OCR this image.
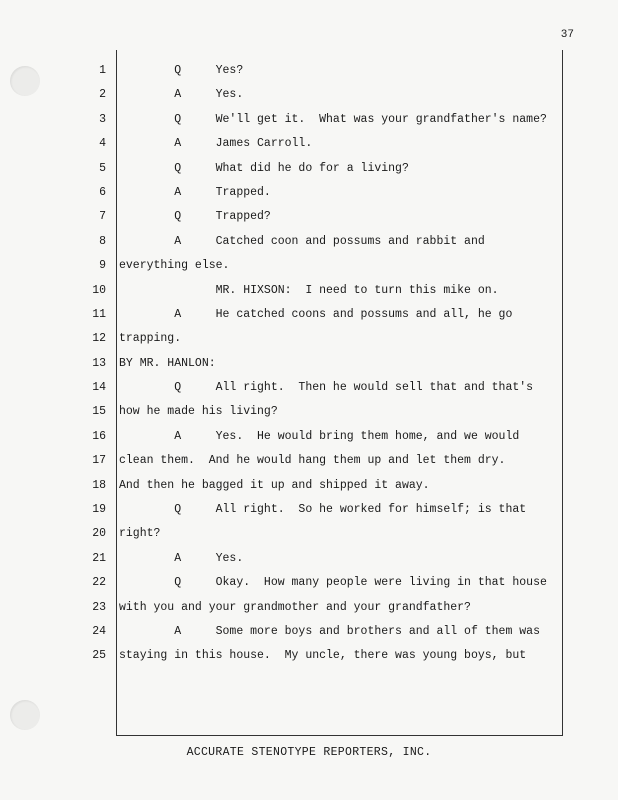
37
1 Q     Yes?
2 A     Yes.
3 Q     We'll get it.  What was your grandfather's name?
4 A     James Carroll.
5 Q     What did he do for a living?
6 A     Trapped.
7 Q     Trapped?
8 A     Catched coon and possums and rabbit and
9 everything else.
10 MR. HIXSON:  I need to turn this mike on.
11 A     He catched coons and possums and all, he go
12 trapping.
13 BY MR. HANLON:
14 Q     All right.  Then he would sell that and that's
15 how he made his living?
16 A     Yes.  He would bring them home, and we would
17 clean them.  And he would hang them up and let them dry.
18 And then he bagged it up and shipped it away.
19 Q     All right.  So he worked for himself; is that
20 right?
21 A     Yes.
22 Q     Okay.  How many people were living in that house
23 with you and your grandmother and your grandfather?
24 A     Some more boys and brothers and all of them was
25 staying in this house.  My uncle, there was young boys, but
ACCURATE STENOTYPE REPORTERS, INC.
